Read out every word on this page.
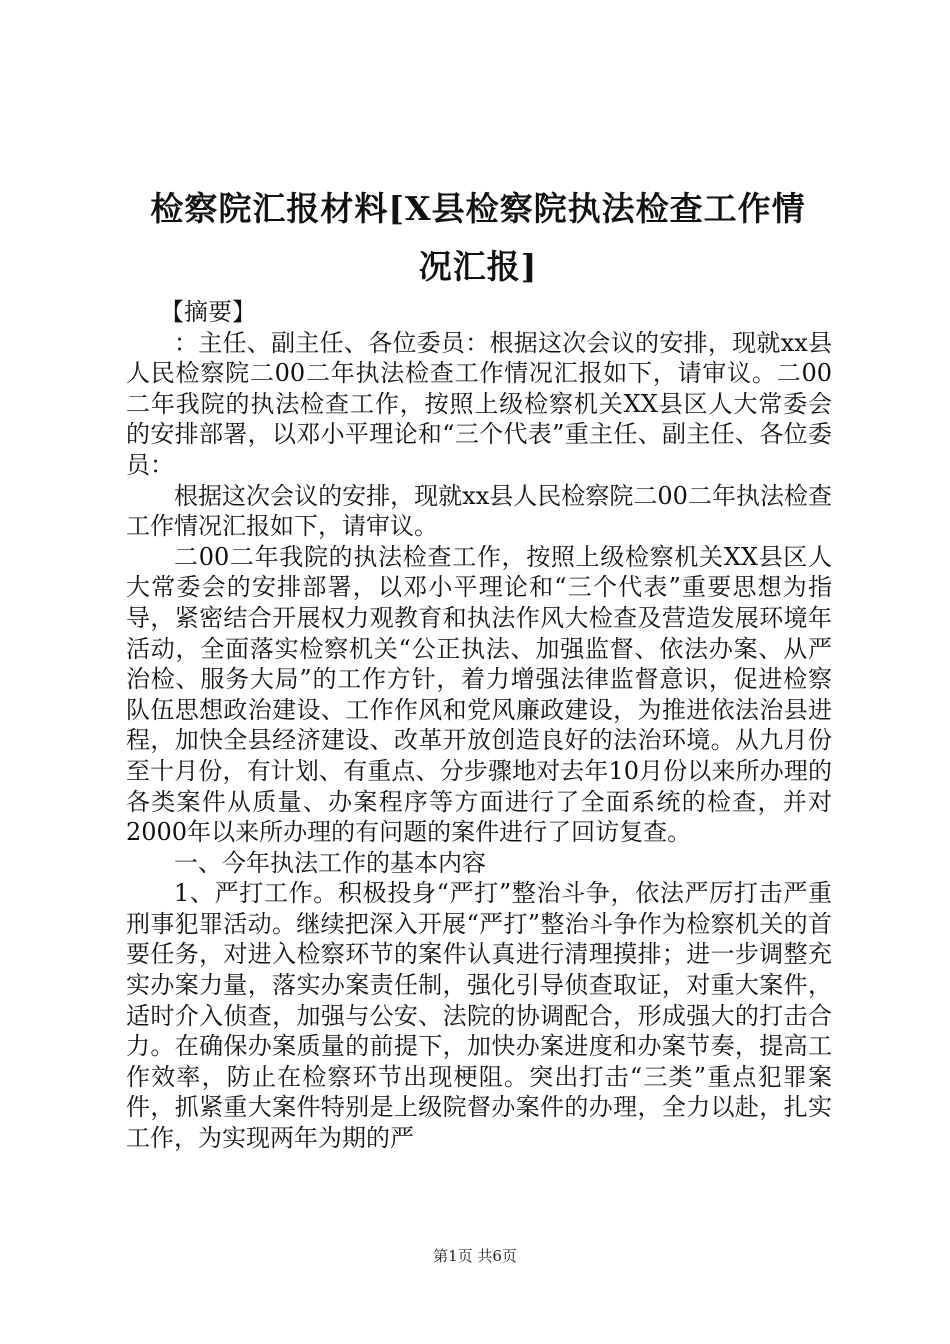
检察院汇报材料[X县检察院执法检查工作情
况汇报]

【摘要】

：主任、副主任、各位委员：根据这次会议的安排，现就xx县人民检察院二00二年执法检查工作情况汇报如下，请审议。二00二年我院的执法检查工作，按照上级检察机关XX县区人大常委会的安排部署，以邓小平理论和“三个代表”重主任、副主任、各位委员：

根据这次会议的安排，现就xx县人民检察院二00二年执法检查工作情况汇报如下，请审议。

二00二年我院的执法检查工作，按照上级检察机关XX县区人大常委会的安排部署，以邓小平理论和“三个代表”重要思想为指导，紧密结合开展权力观教育和执法作风大检查及营造发展环境年活动，全面落实检察机关“公正执法、加强监督、依法办案、从严治检、服务大局”的工作方针，着力增强法律监督意识，促进检察队伍思想政治建设、工作作风和党风廉政建设，为推进依法治县进程，加快全县经济建设、改革开放创造良好的法治环境。从九月份至十月份，有计划、有重点、分步骤地对去年10月份以来所办理的各类案件从质量、办案程序等方面进行了全面系统的检查，并对2000年以来所办理的有问题的案件进行了回访复查。

一、今年执法工作的基本内容

1、严打工作。积极投身“严打”整治斗争，依法严厉打击严重刑事犯罪活动。继续把深入开展“严打”整治斗争作为检察机关的首要任务，对进入检察环节的案件认真进行清理摸排；进一步调整充实办案力量，落实办案责任制，强化引导侦查取证，对重大案件，适时介入侦查，加强与公安、法院的协调配合，形成强大的打击合力。在确保办案质量的前提下，加快办案进度和办案节奏，提高工作效率，防止在检察环节出现梗阻。突出打击“三类”重点犯罪案件，抓紧重大案件特别是上级院督办案件的办理，全力以赴，扎实工作，为实现两年为期的严

第1页 共6页
